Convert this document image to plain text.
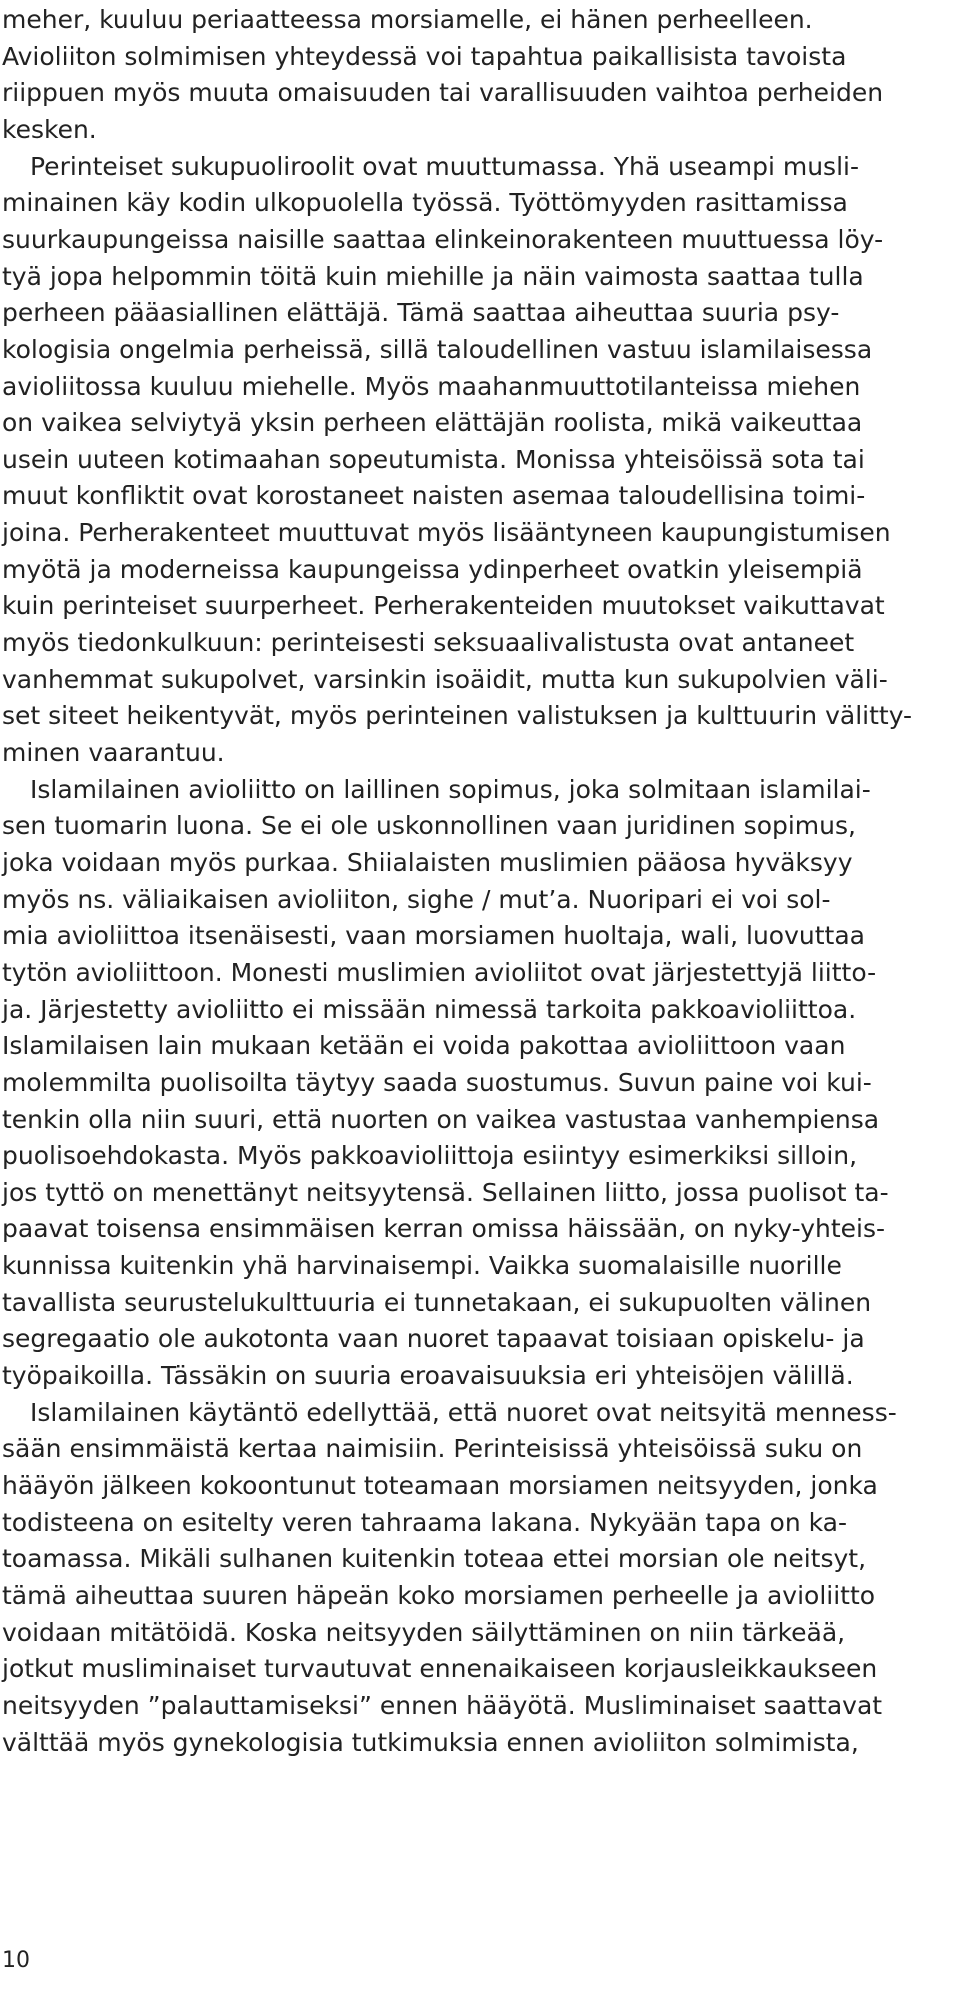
meher, kuuluu periaatteessa morsiamelle, ei hänen perheelleen.
Avioliiton solmimisen yhteydessä voi tapahtua paikallisista tavoista
riippuen myös muuta omaisuuden tai varallisuuden vaihtoa perheiden
kesken.
Perinteiset sukupuoliroolit ovat muuttumassa. Yhä useampi musli-
minainen käy kodin ulkopuolella työssä. Työttömyyden rasittamissa
suurkaupungeissa naisille saattaa elinkeinorakenteen muuttuessa löy-
tyä jopa helpommin töitä kuin miehille ja näin vaimosta saattaa tulla
perheen pääasiallinen elättäjä. Tämä saattaa aiheuttaa suuria psy-
kologisia ongelmia perheissä, sillä taloudellinen vastuu islamilaisessa
avioliitossa kuuluu miehelle. Myös maahanmuuttotilanteissa miehen
on vaikea selviytyä yksin perheen elättäjän roolista, mikä vaikeuttaa
usein uuteen kotimaahan sopeutumista. Monissa yhteisöissä sota tai
muut konfliktit ovat korostaneet naisten asemaa taloudellisina toimi-
joina. Perherakenteet muuttuvat myös lisääntyneen kaupungistumisen
myötä ja moderneissa kaupungeissa ydinperheet ovatkin yleisempiä
kuin perinteiset suurperheet. Perherakenteiden muutokset vaikuttavat
myös tiedonkulkuun: perinteisesti seksuaalivalistusta ovat antaneet
vanhemmat sukupolvet, varsinkin isoäidit, mutta kun sukupolvien väli-
set siteet heikentyvät, myös perinteinen valistuksen ja kulttuurin välitty-
minen vaarantuu.
Islamilainen avioliitto on laillinen sopimus, joka solmitaan islamilai-
sen tuomarin luona. Se ei ole uskonnollinen vaan juridinen sopimus,
joka voidaan myös purkaa. Shiialaisten muslimien pääosa hyväksyy
myös ns. väliaikaisen avioliiton, sighe / mut’a. Nuoripari ei voi sol-
mia avioliittoa itsenäisesti, vaan morsiamen huoltaja, wali, luovuttaa
tytön avioliittoon. Monesti muslimien avioliitot ovat järjestettyjä liitto-
ja. Järjestetty avioliitto ei missään nimessä tarkoita pakkoavioliittoa.
Islamilaisen lain mukaan ketään ei voida pakottaa avioliittoon vaan
molemmilta puolisoilta täytyy saada suostumus. Suvun paine voi kui-
tenkin olla niin suuri, että nuorten on vaikea vastustaa vanhempiensa
puolisoehdokasta. Myös pakkoavioliittoja esiintyy esimerkiksi silloin,
jos tyttö on menettänyt neitsyytensä. Sellainen liitto, jossa puolisot ta-
paavat toisensa ensimmäisen kerran omissa häissään, on nyky-yhteis-
kunnissa kuitenkin yhä harvinaisempi. Vaikka suomalaisille nuorille
tavallista seurustelukulttuuria ei tunnetakaan, ei sukupuolten välinen
segregaatio ole aukotonta vaan nuoret tapaavat toisiaan opiskelu- ja
työpaikoilla. Tässäkin on suuria eroavaisuuksia eri yhteisöjen välillä.
Islamilainen käytäntö edellyttää, että nuoret ovat neitsyitä menness-
sään ensimmäistä kertaa naimisiin. Perinteisissä yhteisöissä suku on
hääyön jälkeen kokoontunut toteamaan morsiamen neitsyyden, jonka
todisteena on esitelty veren tahraama lakana. Nykyään tapa on ka-
toamassa. Mikäli sulhanen kuitenkin toteaa ettei morsian ole neitsyt,
tämä aiheuttaa suuren häpeän koko morsiamen perheelle ja avioliitto
voidaan mitätöidä. Koska neitsyyden säilyttäminen on niin tärkeää,
jotkut musliminaiset turvautuvat ennenaikaiseen korjausleikkaukseen
neitsyyden ”palauttamiseksi” ennen hääyötä. Musliminaiset saattavat
välttää myös gynekologisia tutkimuksia ennen avioliiton solmimista,
10
